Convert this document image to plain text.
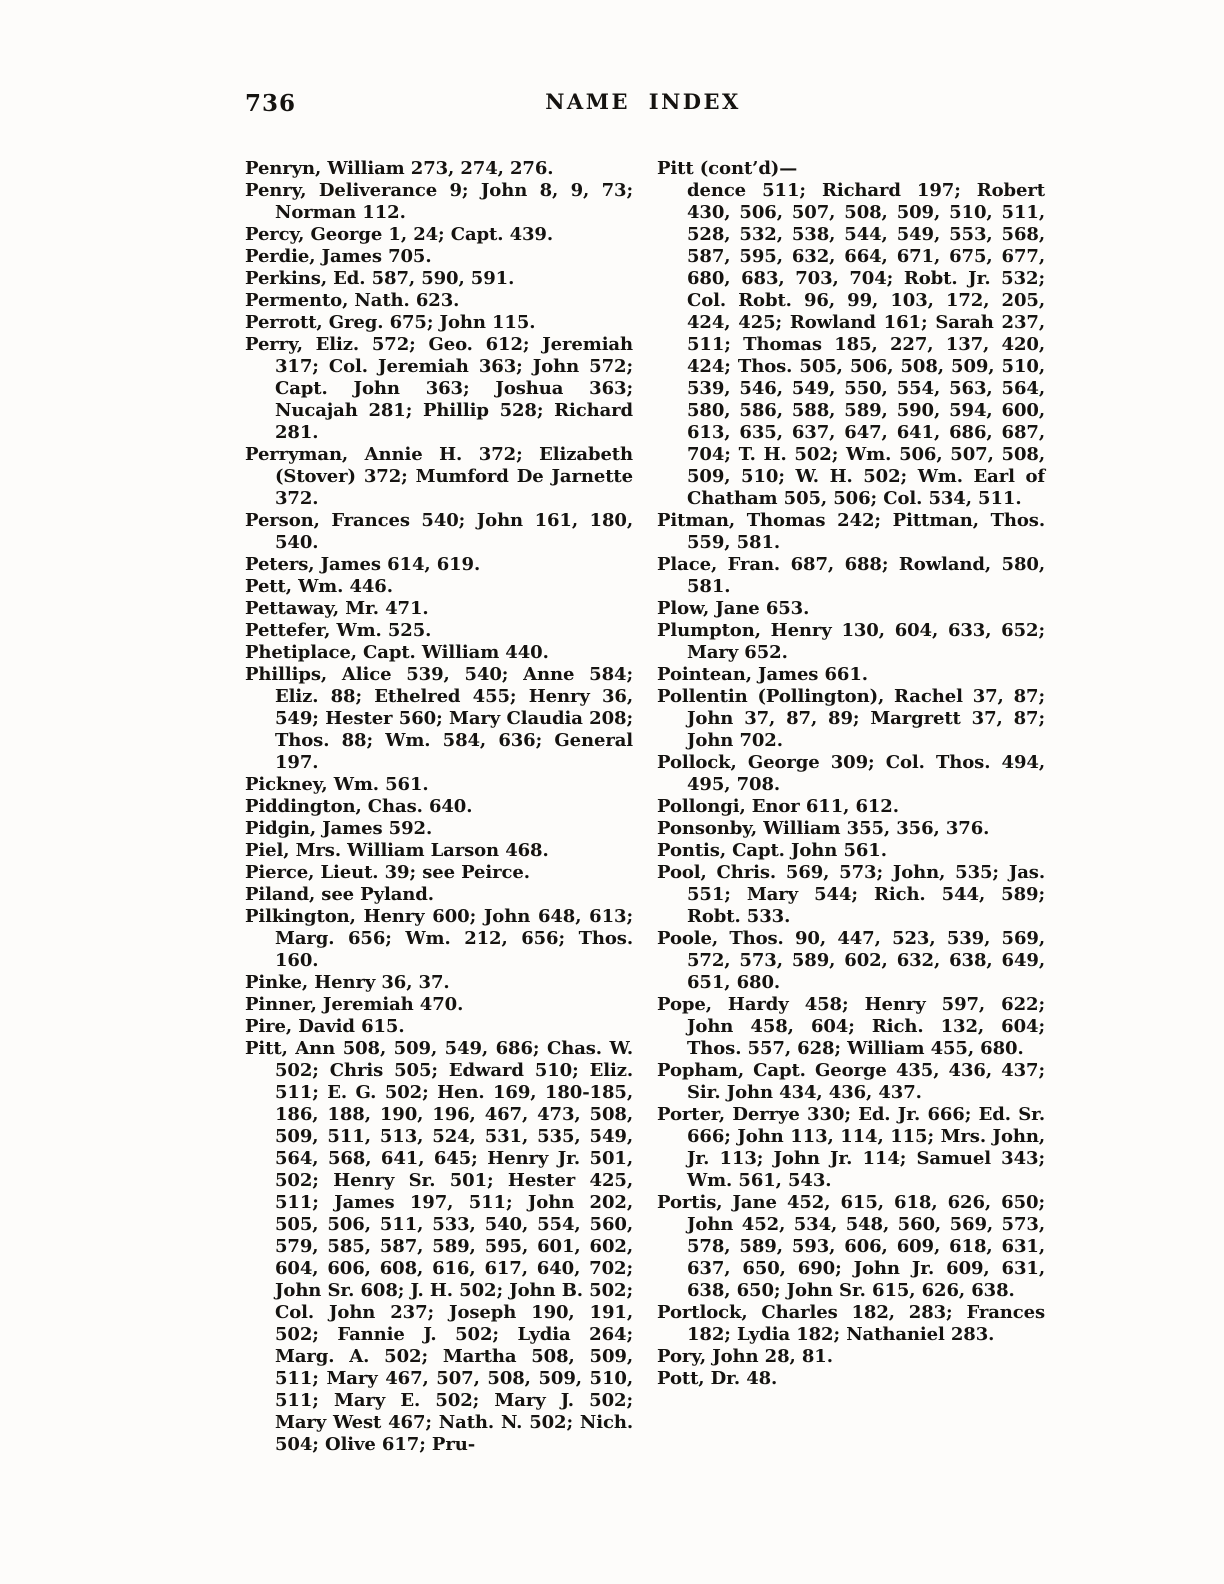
736	NAME INDEX

Penryn, William 273, 274, 276.

Penry, Deliverance 9; John 8, 9, 73; Norman 112.

Percy, George 1, 24; Capt. 439.

Perdie, James 705.

Perkins, Ed. 587, 590, 591.

Permento, Nath. 623.

Perrott, Greg. 675; John 115.

Perry, Eliz. 572; Geo. 612; Jeremiah 317; Col. Jeremiah 363; John 572; Capt. John 363; Joshua 363; Nucajah 281; Phillip 528; Richard 281.

Perryman, Annie H. 372; Elizabeth (Stover) 372; Mumford De Jarnette 372.

Person, Frances 540; John 161, 180, 540.

Peters, James 614, 619.

Pett, Wm. 446.

Pettaway, Mr. 471.

Pettefer, Wm. 525.

Phetiplace, Capt. William 440.

Phillips, Alice 539, 540; Anne 584; Eliz. 88; Ethelred 455; Henry 36, 549; Hester 560; Mary Claudia 208; Thos. 88; Wm. 584, 636; General 197.

Pickney, Wm. 561.

Piddington, Chas. 640.

Pidgin, James 592.

Piel, Mrs. William Larson 468.

Pierce, Lieut. 39; see Peirce.

Piland, see Pyland.

Pilkington, Henry 600; John 648, 613; Marg. 656; Wm. 212, 656; Thos. 160.

Pinke, Henry 36, 37.

Pinner, Jeremiah 470.

Pire, David 615.

Pitt, Ann 508, 509, 549, 686; Chas. W. 502; Chris 505; Edward 510; Eliz. 511; E. G. 502; Hen. 169, 180-185, 186, 188, 190, 196, 467, 473, 508, 509, 511, 513, 524, 531, 535, 549, 564, 568, 641, 645; Henry Jr. 501, 502; Henry Sr. 501; Hester 425, 511; James 197, 511; John 202, 505, 506, 511, 533, 540, 554, 560, 579, 585, 587, 589, 595, 601, 602, 604, 606, 608, 616, 617, 640, 702; John Sr. 608; J. H. 502; John B. 502; Col. John 237; Joseph 190, 191, 502; Fannie J. 502; Lydia 264; Marg. A. 502; Martha 508, 509, 511; Mary 467, 507, 508, 509, 510, 511; Mary E. 502; Mary J. 502; Mary West 467; Nath. N. 502; Nich. 504; Olive 617; Pru-

Pitt (cont’d)—

dence 511; Richard 197; Robert 430, 506, 507, 508, 509, 510, 511, 528, 532, 538, 544, 549, 553, 568, 587, 595, 632, 664, 671, 675, 677, 680, 683, 703, 704; Robt. Jr. 532; Col. Robt. 96, 99, 103, 172, 205, 424, 425; Rowland 161; Sarah 237, 511; Thomas 185, 227, 137, 420, 424; Thos. 505, 506, 508, 509, 510, 539, 546, 549, 550, 554, 563, 564, 580, 586, 588, 589, 590, 594, 600, 613, 635, 637, 647, 641, 686, 687, 704; T. H. 502; Wm. 506, 507, 508, 509, 510; W. H. 502; Wm. Earl of Chatham 505, 506; Col. 534, 511.

Pitman, Thomas 242; Pittman, Thos. 559, 581.

Place, Fran. 687, 688; Rowland, 580, 581.

Plow, Jane 653.

Plumpton, Henry 130, 604, 633, 652; Mary 652.

Pointean, James 661.

Pollentin (Pollington), Rachel 37, 87; John 37, 87, 89; Margrett 37, 87; John 702.

Pollock, George 309; Col. Thos. 494, 495, 708.

Pollongi, Enor 611, 612.

Ponsonby, William 355, 356, 376.

Pontis, Capt. John 561.

Pool, Chris. 569, 573; John, 535; Jas. 551; Mary 544; Rich. 544, 589; Robt. 533.

Poole, Thos. 90, 447, 523, 539, 569, 572, 573, 589, 602, 632, 638, 649, 651, 680.

Pope, Hardy 458; Henry 597, 622; John 458, 604; Rich. 132, 604; Thos. 557, 628; William 455, 680.

Popham, Capt. George 435, 436, 437; Sir. John 434, 436, 437.

Porter, Derrye 330; Ed. Jr. 666; Ed. Sr. 666; John 113, 114, 115; Mrs. John, Jr. 113; John Jr. 114; Samuel 343; Wm. 561, 543.

Portis, Jane 452, 615, 618, 626, 650; John 452, 534, 548, 560, 569, 573, 578, 589, 593, 606, 609, 618, 631, 637, 650, 690; John Jr. 609, 631, 638, 650; John Sr. 615, 626, 638.

Portlock, Charles 182, 283; Frances 182; Lydia 182; Nathaniel 283.

Pory, John 28, 81.

Pott, Dr. 48.
